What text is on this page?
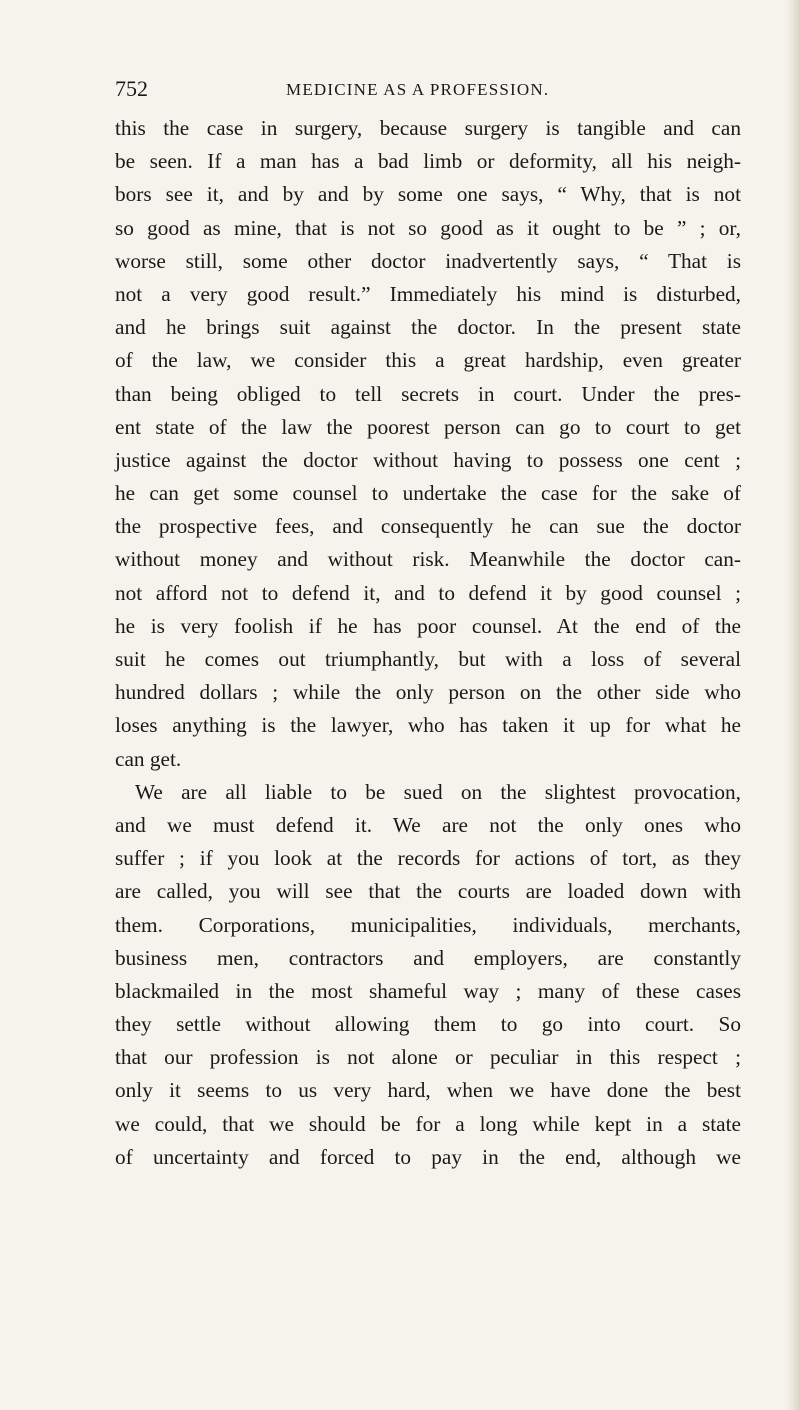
752	MEDICINE AS A PROFESSION.
this the case in surgery, because surgery is tangible and can
be seen. If a man has a bad limb or deformity, all his neigh-
bors see it, and by and by some one says, “ Why, that is not
so good as mine, that is not so good as it ought to be ” ; or,
worse still, some other doctor inadvertently says, “ That is
not a very good result.” Immediately his mind is disturbed,
and he brings suit against the doctor. In the present state
of the law, we consider this a great hardship, even greater
than being obliged to tell secrets in court. Under the pres-
ent state of the law the poorest person can go to court to get
justice against the doctor without having to possess one cent ;
he can get some counsel to undertake the case for the sake of
the prospective fees, and consequently he can sue the doctor
without money and without risk. Meanwhile the doctor can-
not afford not to defend it, and to defend it by good counsel ;
he is very foolish if he has poor counsel. At the end of the
suit he comes out triumphantly, but with a loss of several
hundred dollars ; while the only person on the other side who
loses anything is the lawyer, who has taken it up for what he
can get.
We are all liable to be sued on the slightest provocation,
and we must defend it. We are not the only ones who
suffer ; if you look at the records for actions of tort, as they
are called, you will see that the courts are loaded down with
them. Corporations, municipalities, individuals, merchants,
business men, contractors and employers, are constantly
blackmailed in the most shameful way ; many of these cases
they settle without allowing them to go into court. So
that our profession is not alone or peculiar in this respect ;
only it seems to us very hard, when we have done the best
we could, that we should be for a long while kept in a state
of uncertainty and forced to pay in the end, although we
